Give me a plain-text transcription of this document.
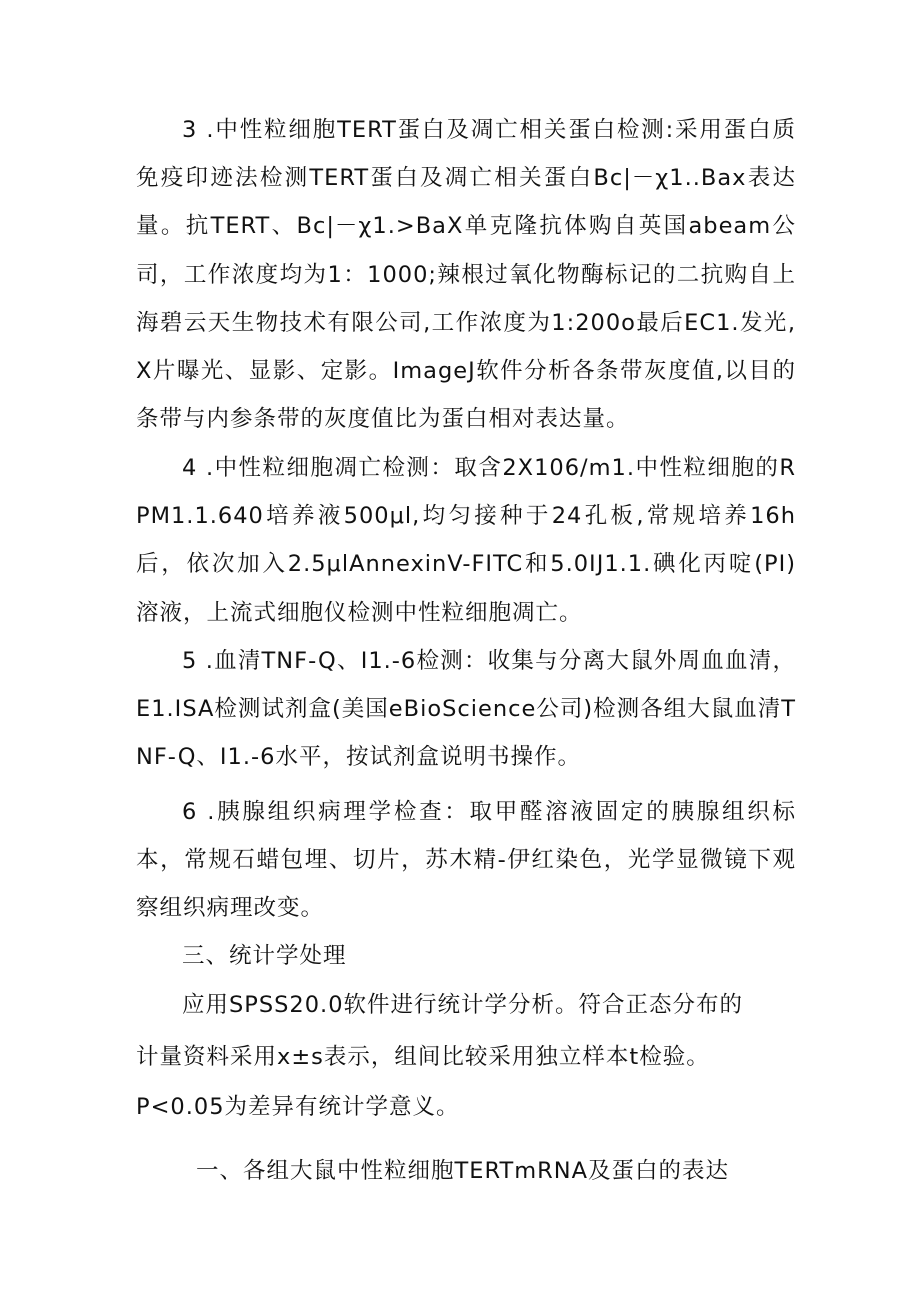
3 .中性粒细胞TERT蛋白及凋亡相关蛋白检测:采用蛋白质免疫印迹法检测TERT蛋白及凋亡相关蛋白Bc|－χ1..Bax表达量。抗TERT、Bc|－χ1.>BaX单克隆抗体购自英国abeam公司，工作浓度均为1：1000;辣根过氧化物酶标记的二抗购自上海碧云天生物技术有限公司,工作浓度为1:200o最后EC1.发光,X片曝光、显影、定影。ImageJ软件分析各条带灰度值,以目的条带与内参条带的灰度值比为蛋白相对表达量。

4 .中性粒细胞凋亡检测：取含2X106/m1.中性粒细胞的RPM1.1.640培养液500μl,均匀接种于24孔板,常规培养16h后，依次加入2.5μlAnnexinV-FITC和5.0IJ1.1.碘化丙啶(PI)溶液，上流式细胞仪检测中性粒细胞凋亡。

5 .血清TNF-Q、I1.-6检测：收集与分离大鼠外周血血清，E1.ISA检测试剂盒(美国eBioScience公司)检测各组大鼠血清TNF-Q、I1.-6水平，按试剂盒说明书操作。

6 .胰腺组织病理学检查：取甲醛溶液固定的胰腺组织标本，常规石蜡包埋、切片，苏木精-伊红染色，光学显微镜下观察组织病理改变。

三、统计学处理

应用SPSS20.0软件进行统计学分析。符合正态分布的

计量资料采用x±s表示，组间比较采用独立样本t检验。

P<0.05为差异有统计学意义。

一、各组大鼠中性粒细胞TERTmRNA及蛋白的表达
